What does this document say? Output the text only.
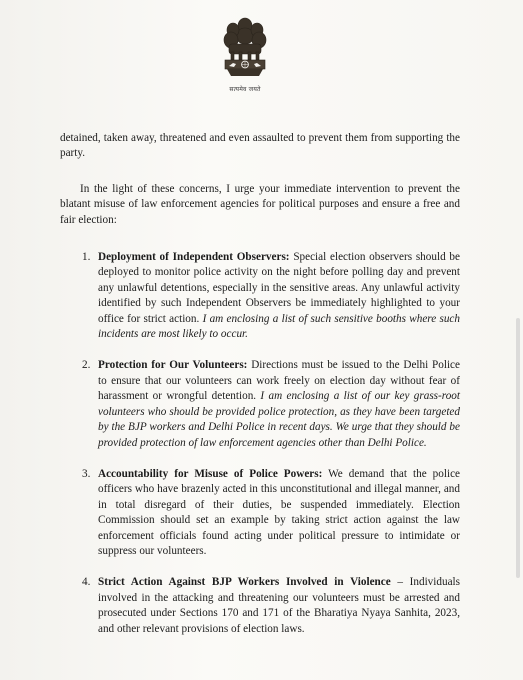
सत्यमेव जयते

detained, taken away, threatened and even assaulted to prevent them from supporting the party.

In the light of these concerns, I urge your immediate intervention to prevent the blatant misuse of law enforcement agencies for political purposes and ensure a free and fair election:

1. Deployment of Independent Observers: Special election observers should be deployed to monitor police activity on the night before polling day and prevent any unlawful detentions, especially in the sensitive areas. Any unlawful activity identified by such Independent Observers be immediately highlighted to your office for strict action. I am enclosing a list of such sensitive booths where such incidents are most likely to occur.
2. Protection for Our Volunteers: Directions must be issued to the Delhi Police to ensure that our volunteers can work freely on election day without fear of harassment or wrongful detention. I am enclosing a list of our key grass-root volunteers who should be provided police protection, as they have been targeted by the BJP workers and Delhi Police in recent days. We urge that they should be provided protection of law enforcement agencies other than Delhi Police.
3. Accountability for Misuse of Police Powers: We demand that the police officers who have brazenly acted in this unconstitutional and illegal manner, and in total disregard of their duties, be suspended immediately. Election Commission should set an example by taking strict action against the law enforcement officials found acting under political pressure to intimidate or suppress our volunteers.
4. Strict Action Against BJP Workers Involved in Violence – Individuals involved in the attacking and threatening our volunteers must be arrested and prosecuted under Sections 170 and 171 of the Bharatiya Nyaya Sanhita, 2023, and other relevant provisions of election laws.
